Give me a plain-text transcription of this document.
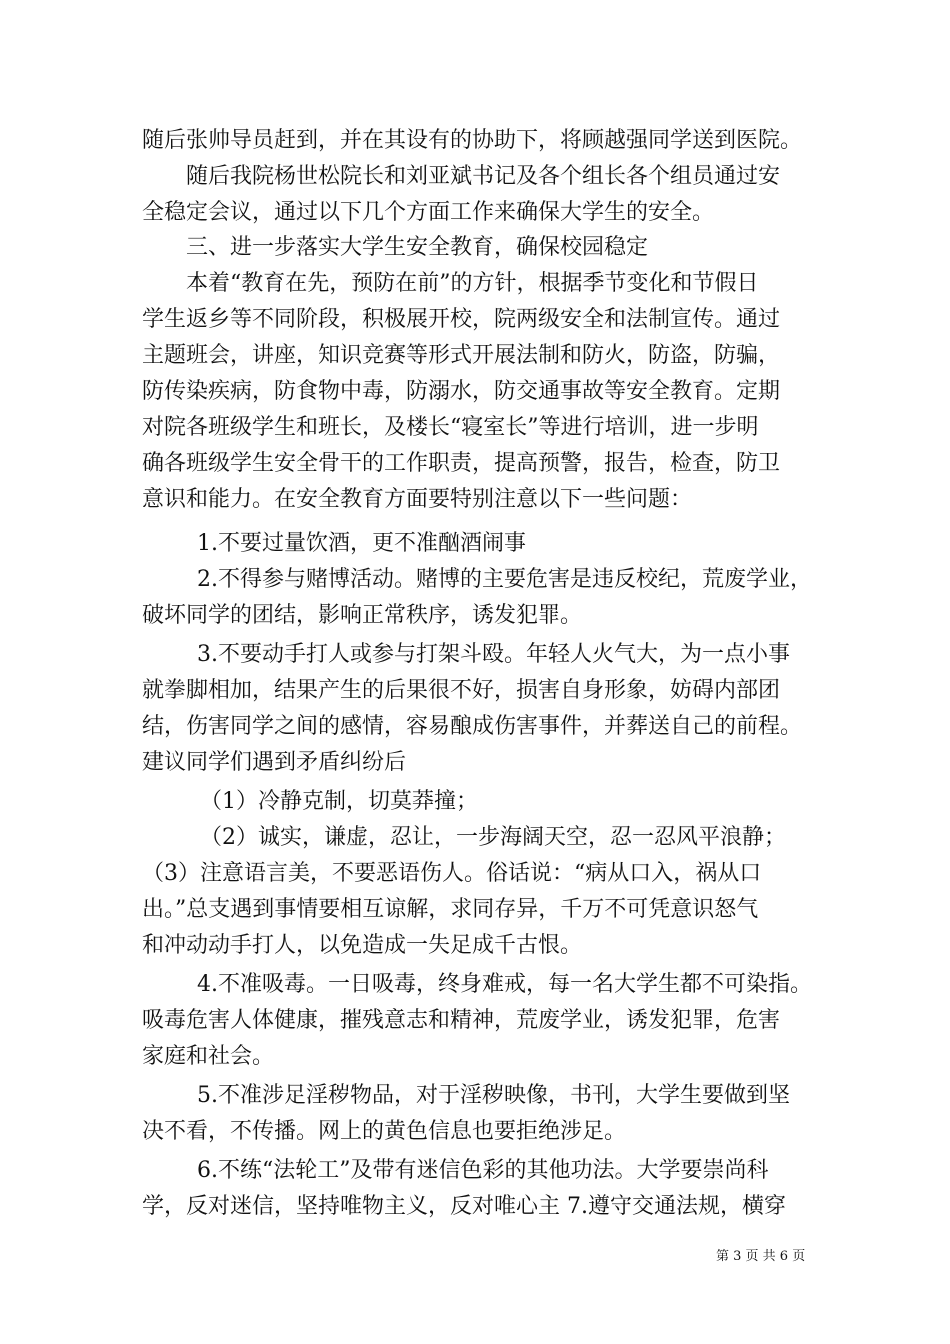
随后张帅导员赶到，并在其设有的协助下，将顾越强同学送到医院。
随后我院杨世松院长和刘亚斌书记及各个组长各个组员通过安
全稳定会议，通过以下几个方面工作来确保大学生的安全。
三、进一步落实大学生安全教育，确保校园稳定
本着“教育在先，预防在前”的方针，根据季节变化和节假日
学生返乡等不同阶段，积极展开校，院两级安全和法制宣传。通过
主题班会，讲座，知识竞赛等形式开展法制和防火，防盗，防骗，
防传染疾病，防食物中毒，防溺水，防交通事故等安全教育。定期
对院各班级学生和班长，及楼长“寝室长”等进行培训，进一步明
确各班级学生安全骨干的工作职责，提高预警，报告，检查，防卫
意识和能力。在安全教育方面要特别注意以下一些问题：
1.不要过量饮酒，更不准酗酒闹事
2.不得参与赌博活动。赌博的主要危害是违反校纪，荒废学业，
破坏同学的团结，影响正常秩序，诱发犯罪。
3.不要动手打人或参与打架斗殴。年轻人火气大，为一点小事
就拳脚相加，结果产生的后果很不好，损害自身形象，妨碍内部团
结，伤害同学之间的感情，容易酿成伤害事件，并葬送自己的前程。
建议同学们遇到矛盾纠纷后
（1）冷静克制，切莫莽撞；
（2）诚实，谦虚，忍让，一步海阔天空，忍一忍风平浪静；
（3）注意语言美，不要恶语伤人。俗话说：“病从口入，祸从口
出。”总支遇到事情要相互谅解，求同存异，千万不可凭意识怒气
和冲动动手打人，以免造成一失足成千古恨。
4.不准吸毒。一日吸毒，终身难戒，每一名大学生都不可染指。
吸毒危害人体健康，摧残意志和精神，荒废学业，诱发犯罪，危害
家庭和社会。
5.不准涉足淫秽物品，对于淫秽映像，书刊，大学生要做到坚
决不看，不传播。网上的黄色信息也要拒绝涉足。
6.不练“法轮工”及带有迷信色彩的其他功法。大学要崇尚科
学，反对迷信，坚持唯物主义，反对唯心主 7.遵守交通法规，横穿
第 3 页 共 6 页
